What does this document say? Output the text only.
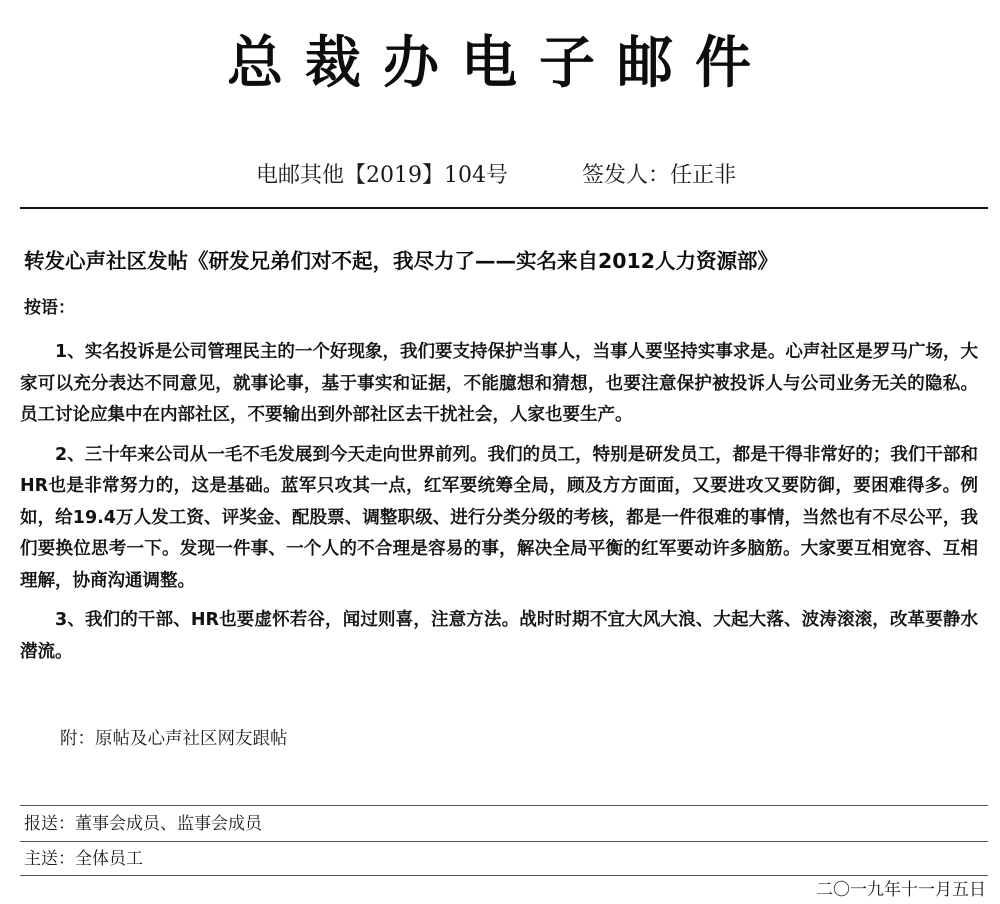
总裁办电子邮件
电邮其他【2019】104号	签发人：任正非
转发心声社区发帖《研发兄弟们对不起，我尽力了——实名来自2012人力资源部》
按语：

1、实名投诉是公司管理民主的一个好现象，我们要支持保护当事人，当事人要坚持实事求是。心声社区是罗马广场，大家可以充分表达不同意见，就事论事，基于事实和证据，不能臆想和猜想，也要注意保护被投诉人与公司业务无关的隐私。员工讨论应集中在内部社区，不要输出到外部社区去干扰社会，人家也要生产。

2、三十年来公司从一毛不毛发展到今天走向世界前列。我们的员工，特别是研发员工，都是干得非常好的；我们干部和HR也是非常努力的，这是基础。蓝军只攻其一点，红军要统筹全局，顾及方方面面，又要进攻又要防御，要困难得多。例如，给19.4万人发工资、评奖金、配股票、调整职级、进行分类分级的考核，都是一件很难的事情，当然也有不尽公平，我们要换位思考一下。发现一件事、一个人的不合理是容易的事，解决全局平衡的红军要动许多脑筋。大家要互相宽容、互相理解，协商沟通调整。

3、我们的干部、HR也要虚怀若谷，闻过则喜，注意方法。战时时期不宜大风大浪、大起大落、波涛滚滚，改革要静水潜流。

附：原帖及心声社区网友跟帖
报送：董事会成员、监事会成员
主送：全体员工
二〇一九年十一月五日
